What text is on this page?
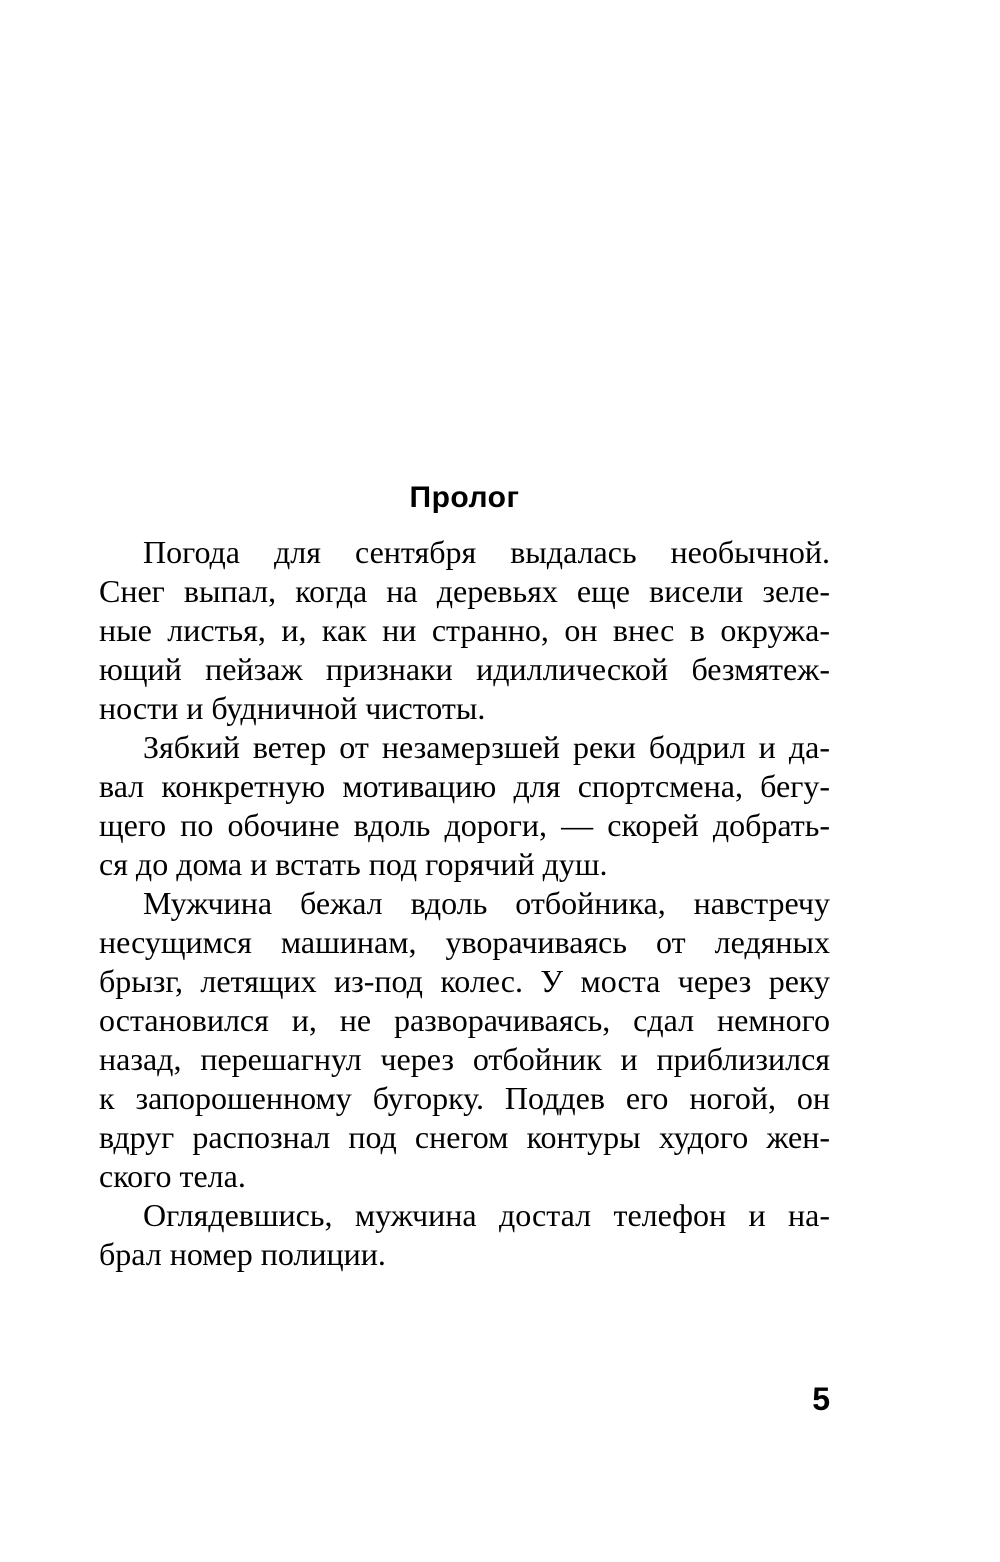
Пролог
Погода для сентября выдалась необычной.
Снег выпал, когда на деревьях еще висели зеле-
ные листья, и, как ни странно, он внес в окружа-
ющий пейзаж признаки идиллической безмятеж-
ности и будничной чистоты.
Зябкий ветер от незамерзшей реки бодрил и да-
вал конкретную мотивацию для спортсмена, бегу-
щего по обочине вдоль дороги, — скорей добрать-
ся до дома и встать под горячий душ.
Мужчина бежал вдоль отбойника, навстречу
несущимся машинам, уворачиваясь от ледяных
брызг, летящих из-под колес. У моста через реку
остановился и, не разворачиваясь, сдал немного
назад, перешагнул через отбойник и приблизился
к запорошенному бугорку. Поддев его ногой, он
вдруг распознал под снегом контуры худого жен-
ского тела.
Оглядевшись, мужчина достал телефон и на-
брал номер полиции.
5
